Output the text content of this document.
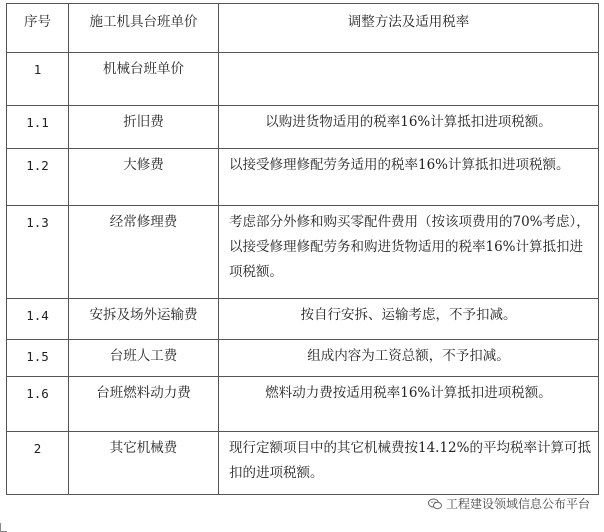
序号	施工机具台班单价	调整方法及适用税率
1	机械台班单价	
1.1	折旧费	以购进货物适用的税率16%计算抵扣进项税额。
1.2	大修费	以接受修理修配劳务适用的税率16%计算抵扣进项税额。
1.3	经常修理费	考虑部分外修和购买零配件费用（按该项费用的70%考虑），以接受修理修配劳务和购进货物适用的税率16%计算抵扣进项税额。
1.4	安拆及场外运输费	按自行安拆、运输考虑，不予扣减。
1.5	台班人工费	组成内容为工资总额，不予扣减。
1.6	台班燃料动力费	燃料动力费按适用税率16%计算抵扣进项税额。
2	其它机械费	现行定额项目中的其它机械费按14.12%的平均税率计算可抵扣的进项税额。
工程建设领域信息公布平台
